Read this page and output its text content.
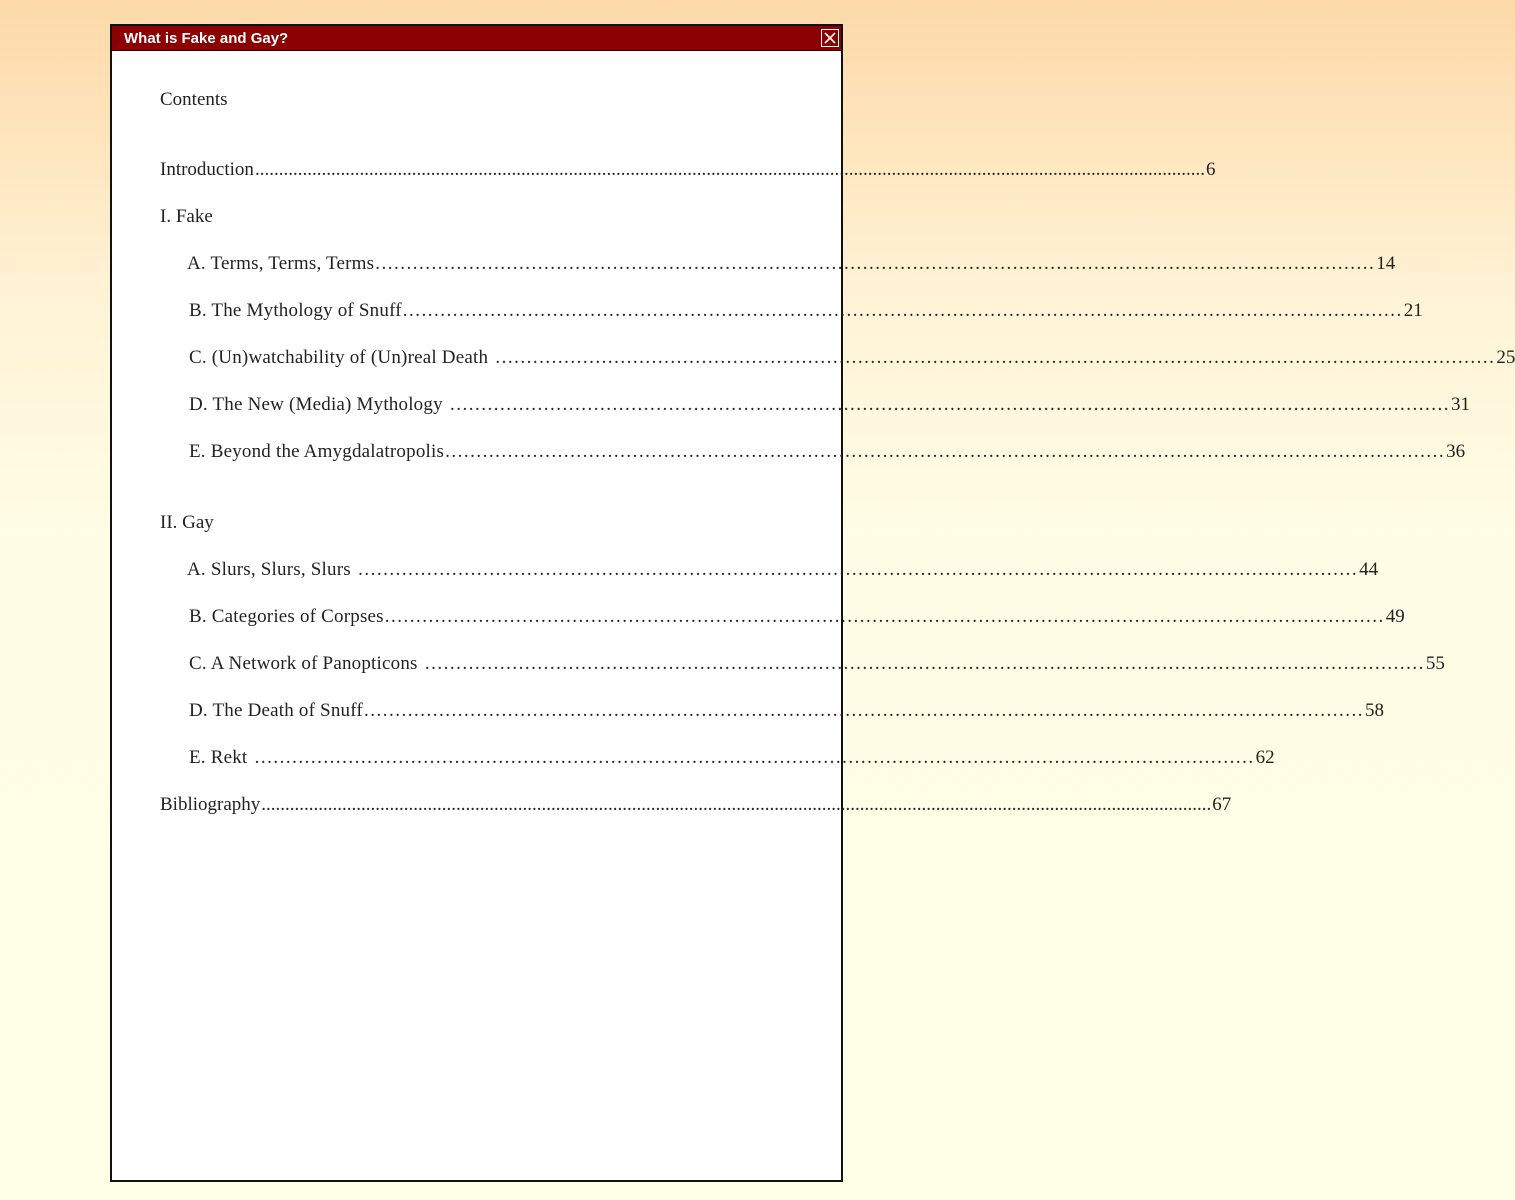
What is Fake and Gay?
Contents
Introduction ........................................................................................................................................................................................................ 6
I. Fake
A. Terms, Terms, Terms ................................................................................................................................................................ 14
B. The Mythology of Snuff ................................................................................................................................................................ 21
C. (Un)watchability of (Un)real Death ................................................................................................................................................................ 25
D. The New (Media) Mythology ................................................................................................................................................................ 31
E. Beyond the Amygdalatropolis ................................................................................................................................................................ 36
II. Gay
A. Slurs, Slurs, Slurs ................................................................................................................................................................ 44
B. Categories of Corpses ................................................................................................................................................................ 49
C. A Network of Panopticons ................................................................................................................................................................ 55
D. The Death of Snuff ................................................................................................................................................................ 58
E. Rekt ................................................................................................................................................................ 62
Bibliography ........................................................................................................................................................................................................ 67
